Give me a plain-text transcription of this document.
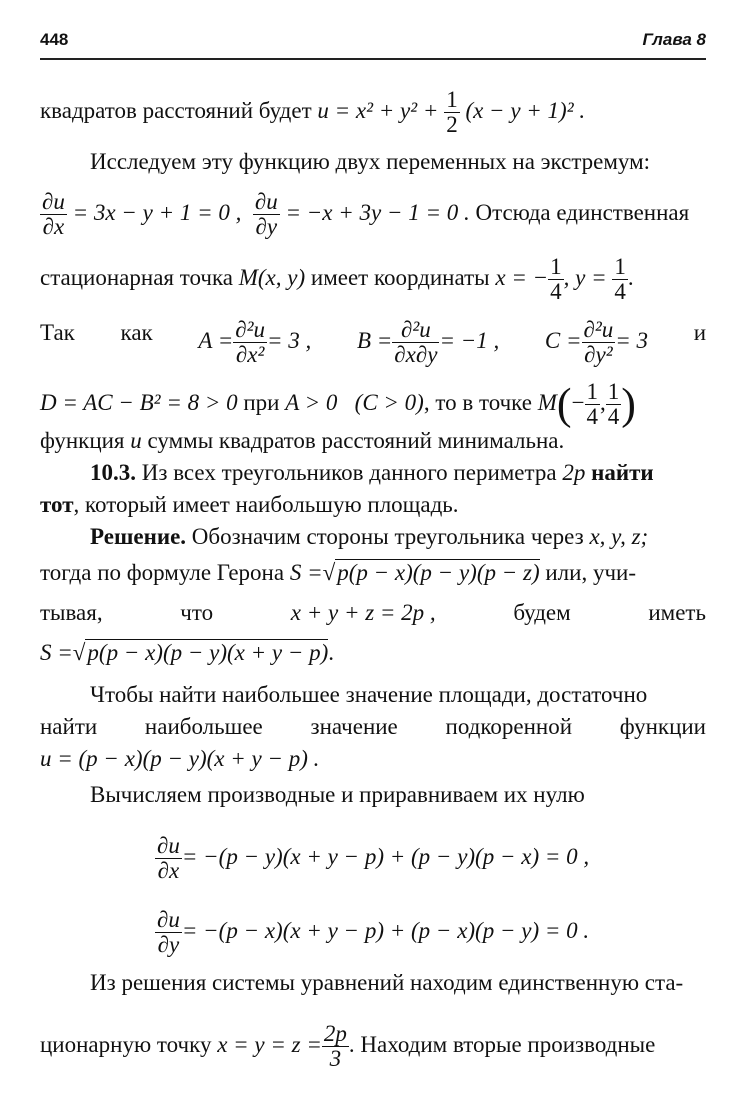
448	Глава 8
квадратов расстояний будет $u = x^2 + y^2 + \frac{1}{2} (x - y + 1)^2$ .
Исследуем эту функцию двух переменных на экстремум:
$\frac{\partial u}{\partial x} = 3x - y + 1 = 0$ , $\frac{\partial u}{\partial y} = -x + 3y - 1 = 0$ . Отсюда единственная
стационарная точка M(x, y) имеет координаты x = − $\frac{1}{4}$ , $y = \frac{1}{4}$ .
Так как $A = \frac{\text{∂²u}}{\text{∂x²}} = 3$ , $B = \frac{\text{∂²u}}{\partial x\partial y} = -1$ , $C = \frac{\text{∂²u}}{\text{∂y²}} = 3$ и
D = AC − B² = 8 > 0 при A > 0 (C > 0), то в точке $M(- \frac{1}{4}$ , $\frac{1}{4}$ )
функция u суммы квадратов расстояний минимальна.
10.3. Из всех треугольников данного периметра 2p найти
тот, который имеет наибольшую площадь.
Решение. Обозначим стороны треугольника через x, y, z;
тогда по формуле Герона S =√p(p − x)(p − y)(p − z) или, учи-
тывая,	что	x + y + z = 2p ,	будем	иметь
S =√p(p − x)(p − y)(x + y − p).
Чтобы найти наибольшее значение площади, достаточно
найти наибольшее значение подкоренной функции
u = (p − x)(p − y)(x + y − p) .
Вычисляем производные и приравниваем их нулю
$\frac{\partial u}{\partial x} = -(p - y)(x + y - p) + (p - y)(p - x) = 0$ ,
$\frac{\partial u}{\partial y} = -(p - x)(x + y - p) + (p - x)(p - y) = 0$ .
Из решения системы уравнений находим единственную ста-
ционарную точку $x = y = z = \frac{2p}{3}$ . Находим вторые производные
